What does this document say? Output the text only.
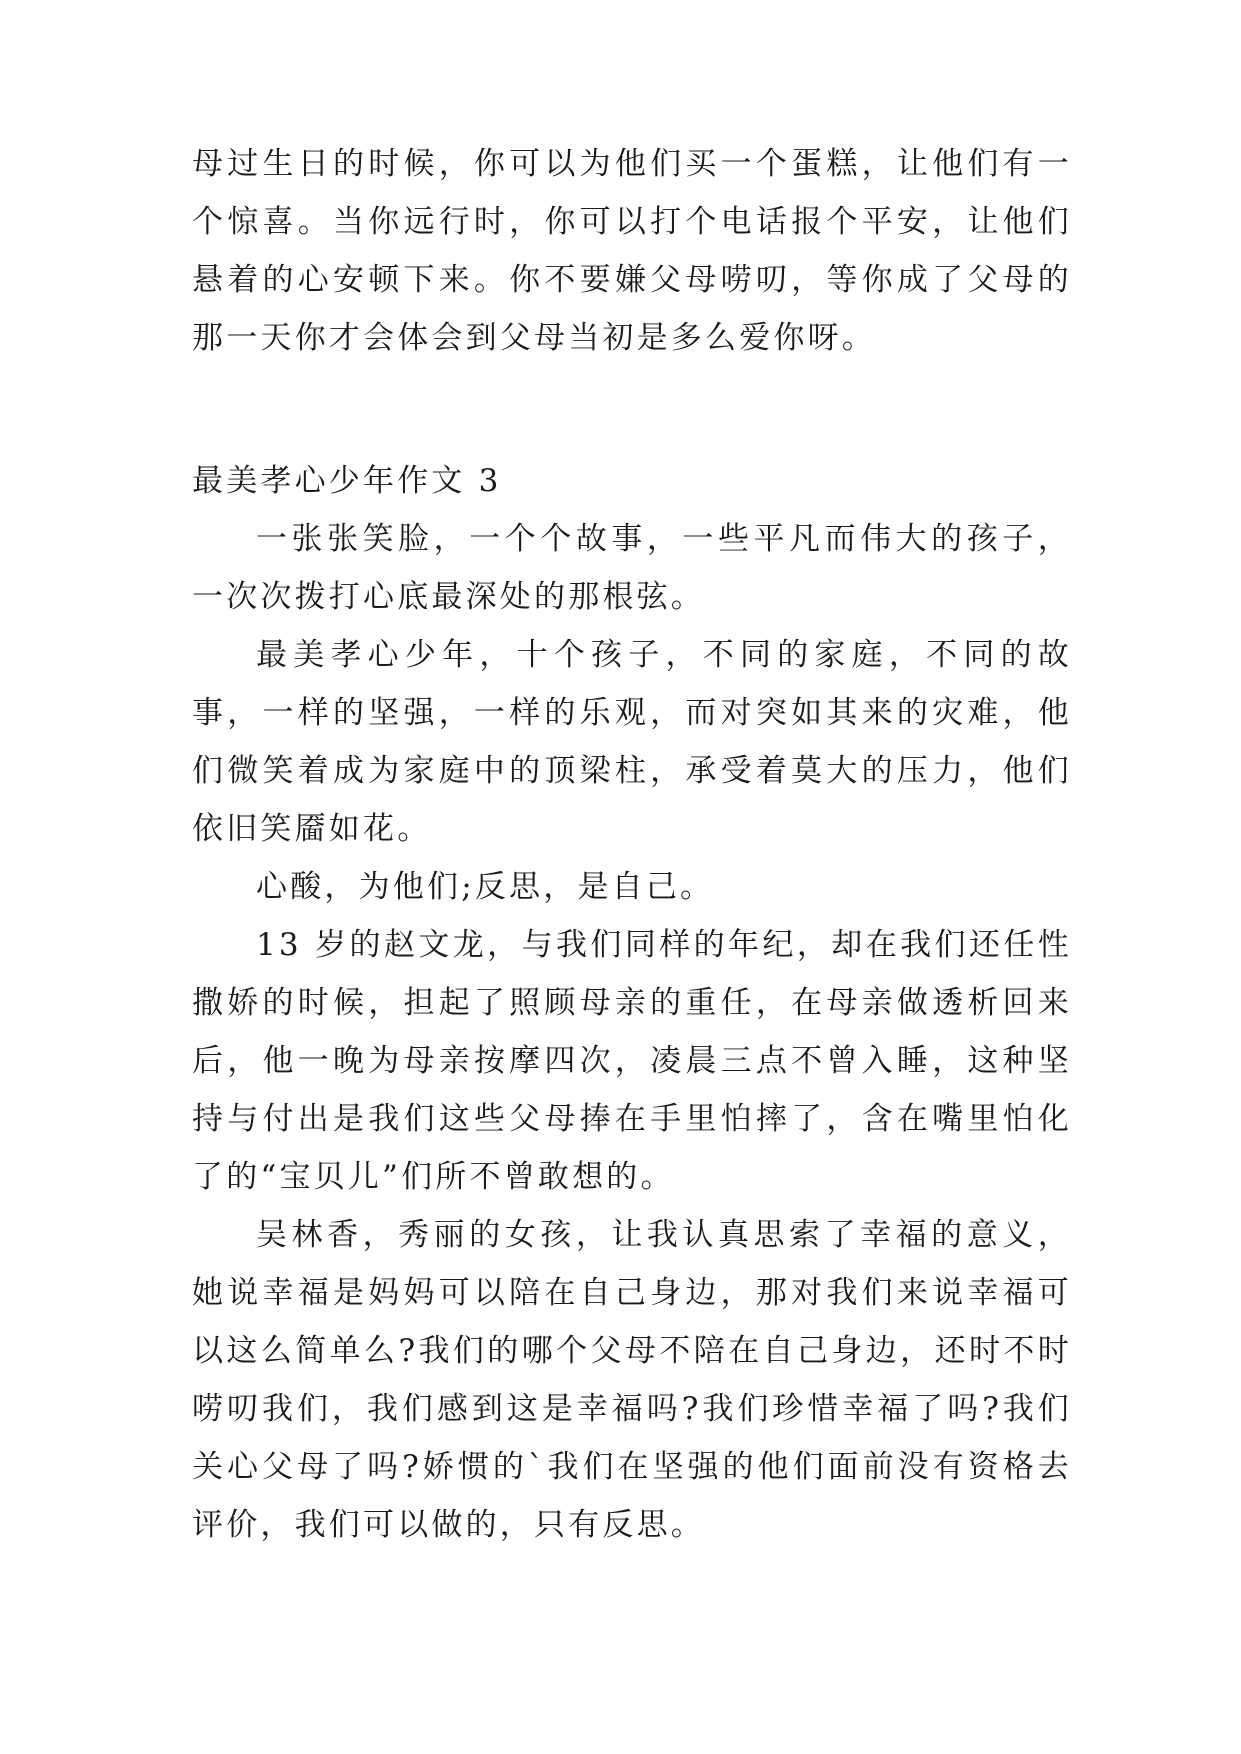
母过生日的时候，你可以为他们买一个蛋糕，让他们有一个惊喜。当你远行时，你可以打个电话报个平安，让他们悬着的心安顿下来。你不要嫌父母唠叨，等你成了父母的那一天你才会体会到父母当初是多么爱你呀。

最美孝心少年作文 3

一张张笑脸，一个个故事，一些平凡而伟大的孩子，一次次拨打心底最深处的那根弦。

最美孝心少年，十个孩子，不同的家庭，不同的故事，一样的坚强，一样的乐观，而对突如其来的灾难，他们微笑着成为家庭中的顶梁柱，承受着莫大的压力，他们依旧笑靥如花。

心酸，为他们;反思，是自己。

13 岁的赵文龙，与我们同样的年纪，却在我们还任性撒娇的时候，担起了照顾母亲的重任，在母亲做透析回来后，他一晚为母亲按摩四次，凌晨三点不曾入睡，这种坚持与付出是我们这些父母捧在手里怕摔了，含在嘴里怕化了的“宝贝儿”们所不曾敢想的。

吴林香，秀丽的女孩，让我认真思索了幸福的意义，她说幸福是妈妈可以陪在自己身边，那对我们来说幸福可以这么简单么?我们的哪个父母不陪在自己身边，还时不时唠叨我们，我们感到这是幸福吗?我们珍惜幸福了吗?我们关心父母了吗?娇惯的`我们在坚强的他们面前没有资格去评价，我们可以做的，只有反思。
